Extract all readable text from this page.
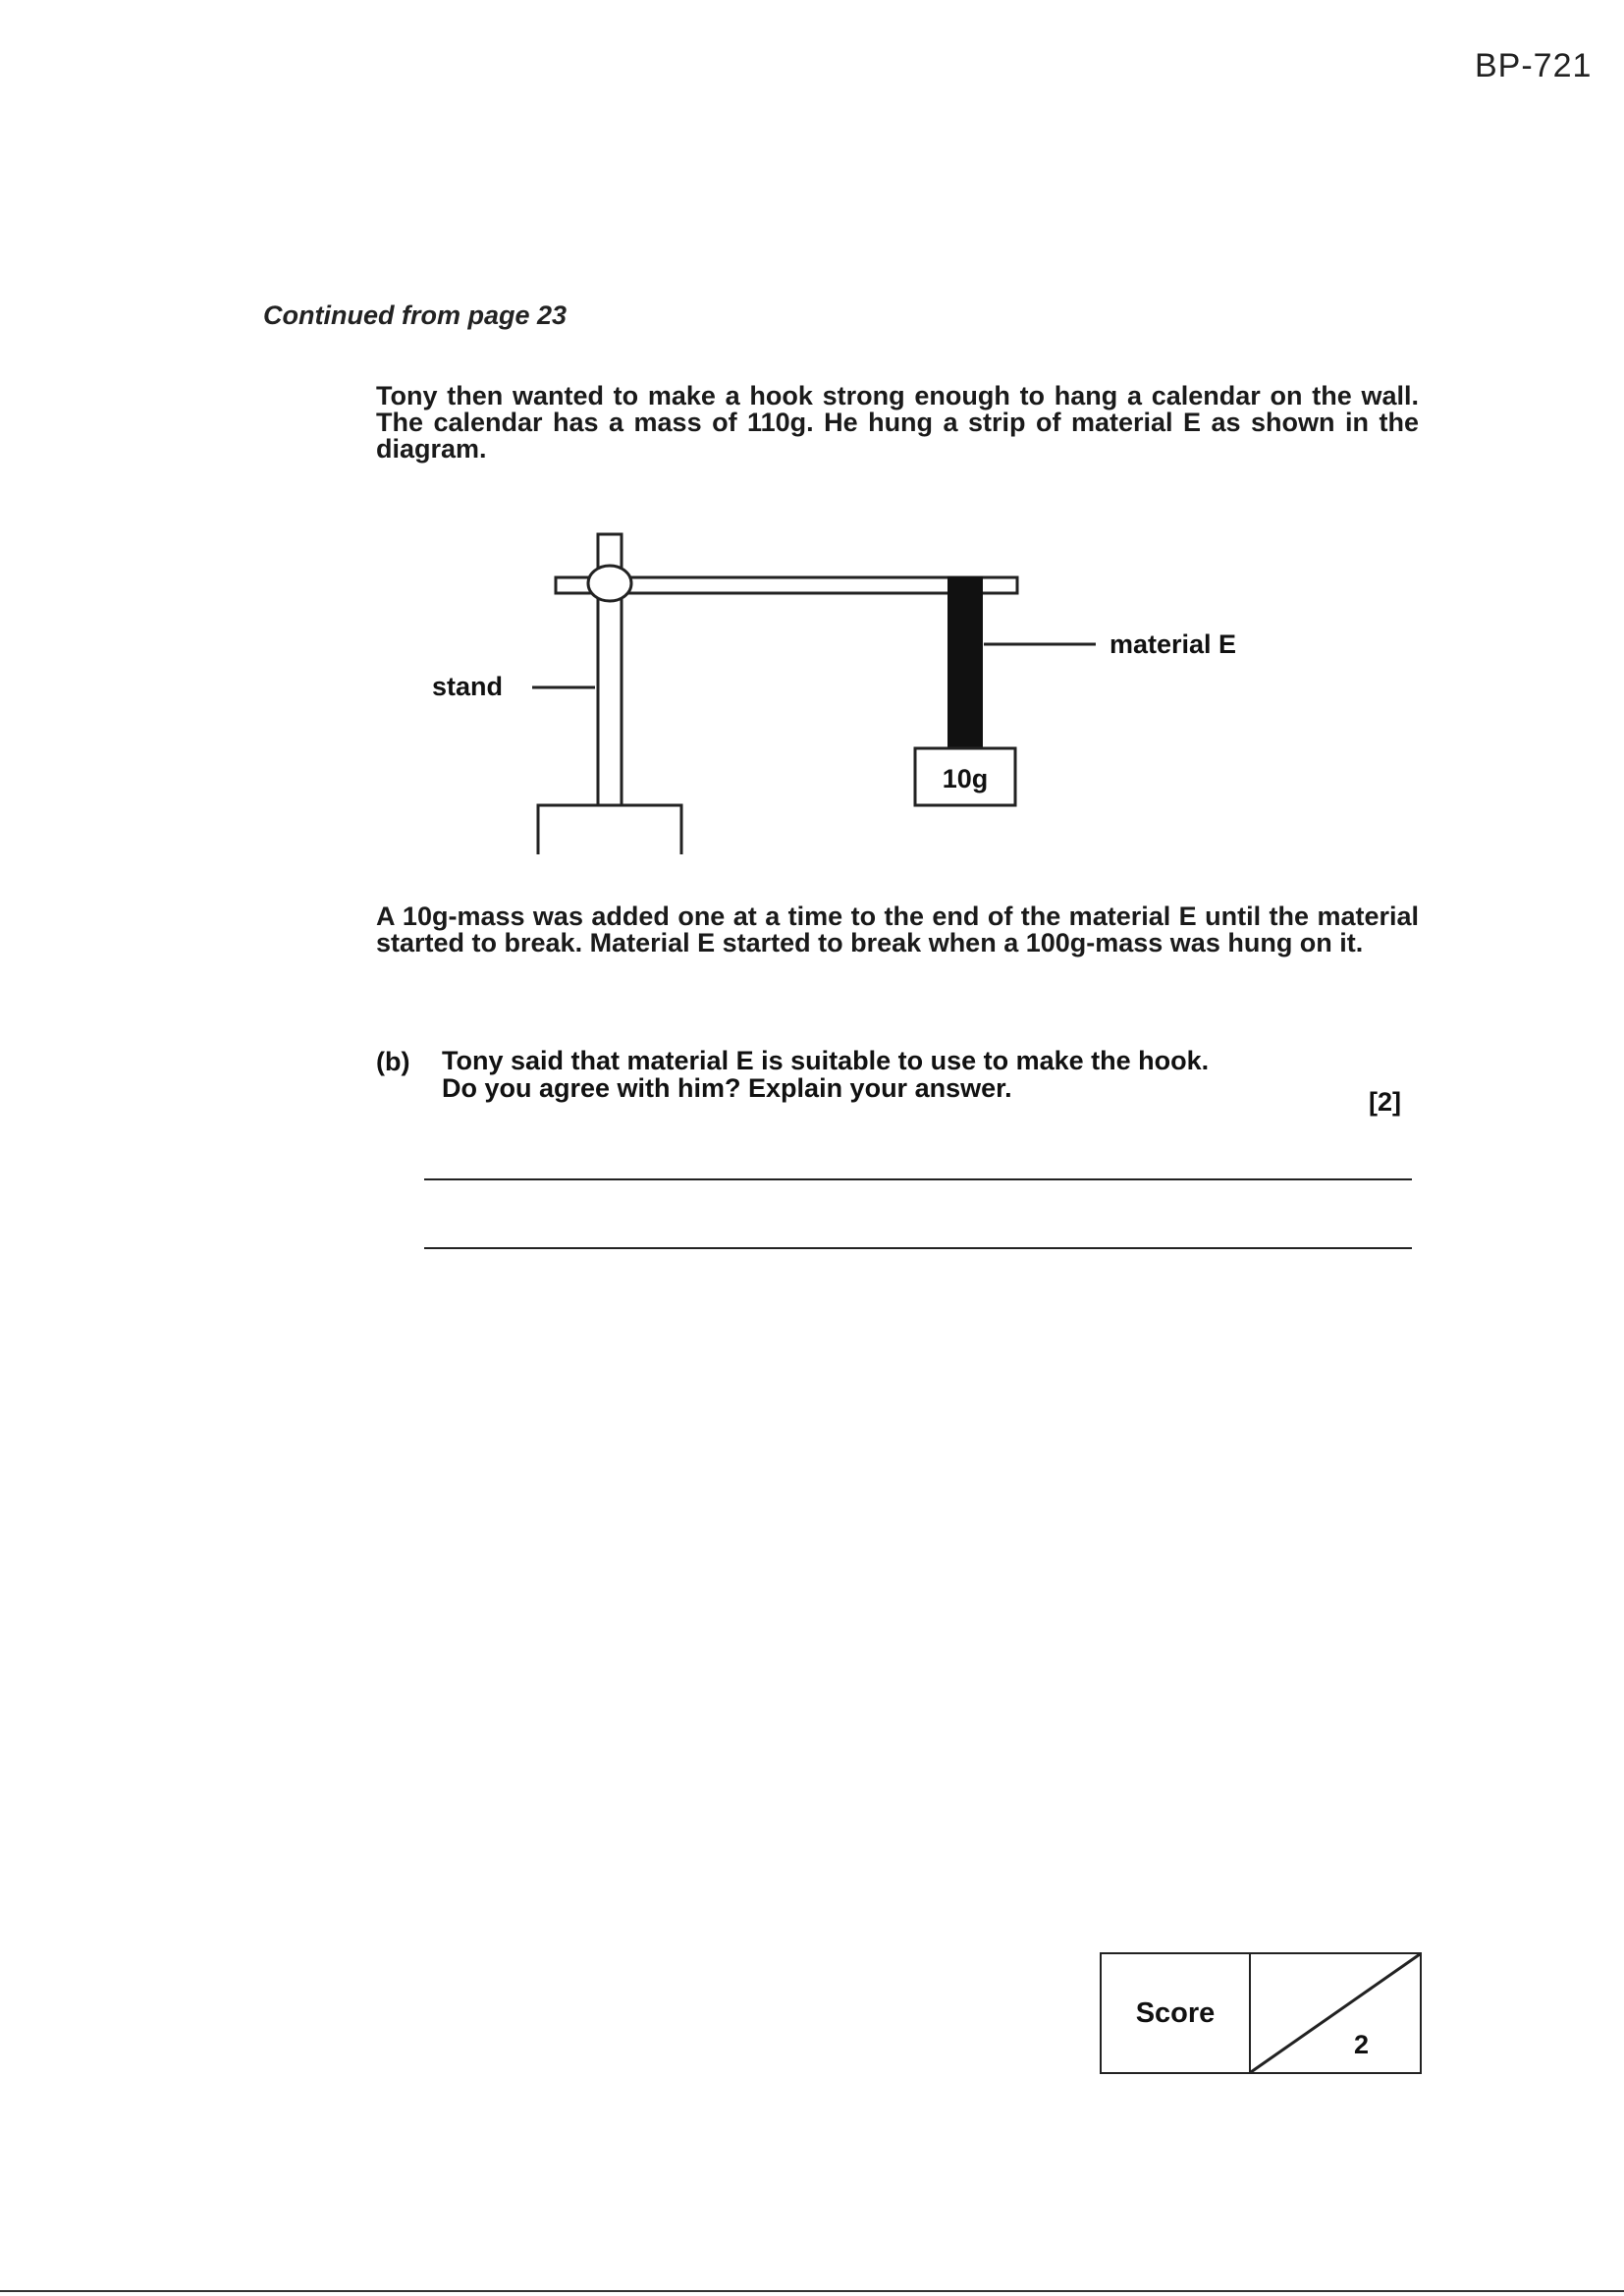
BP-721
Continued from page 23
Tony then wanted to make a hook strong enough to hang a calendar on the wall. The calendar has a mass of 110g. He hung a strip of material E as shown in the diagram.
10g
stand
material E
A 10g-mass was added one at a time to the end of the material E until the material started to break. Material E started to break when a 100g-mass was hung on it.
(b) Tony said that material E is suitable to use to make the hook.
Do you agree with him? Explain your answer.	[2]
Score
2
